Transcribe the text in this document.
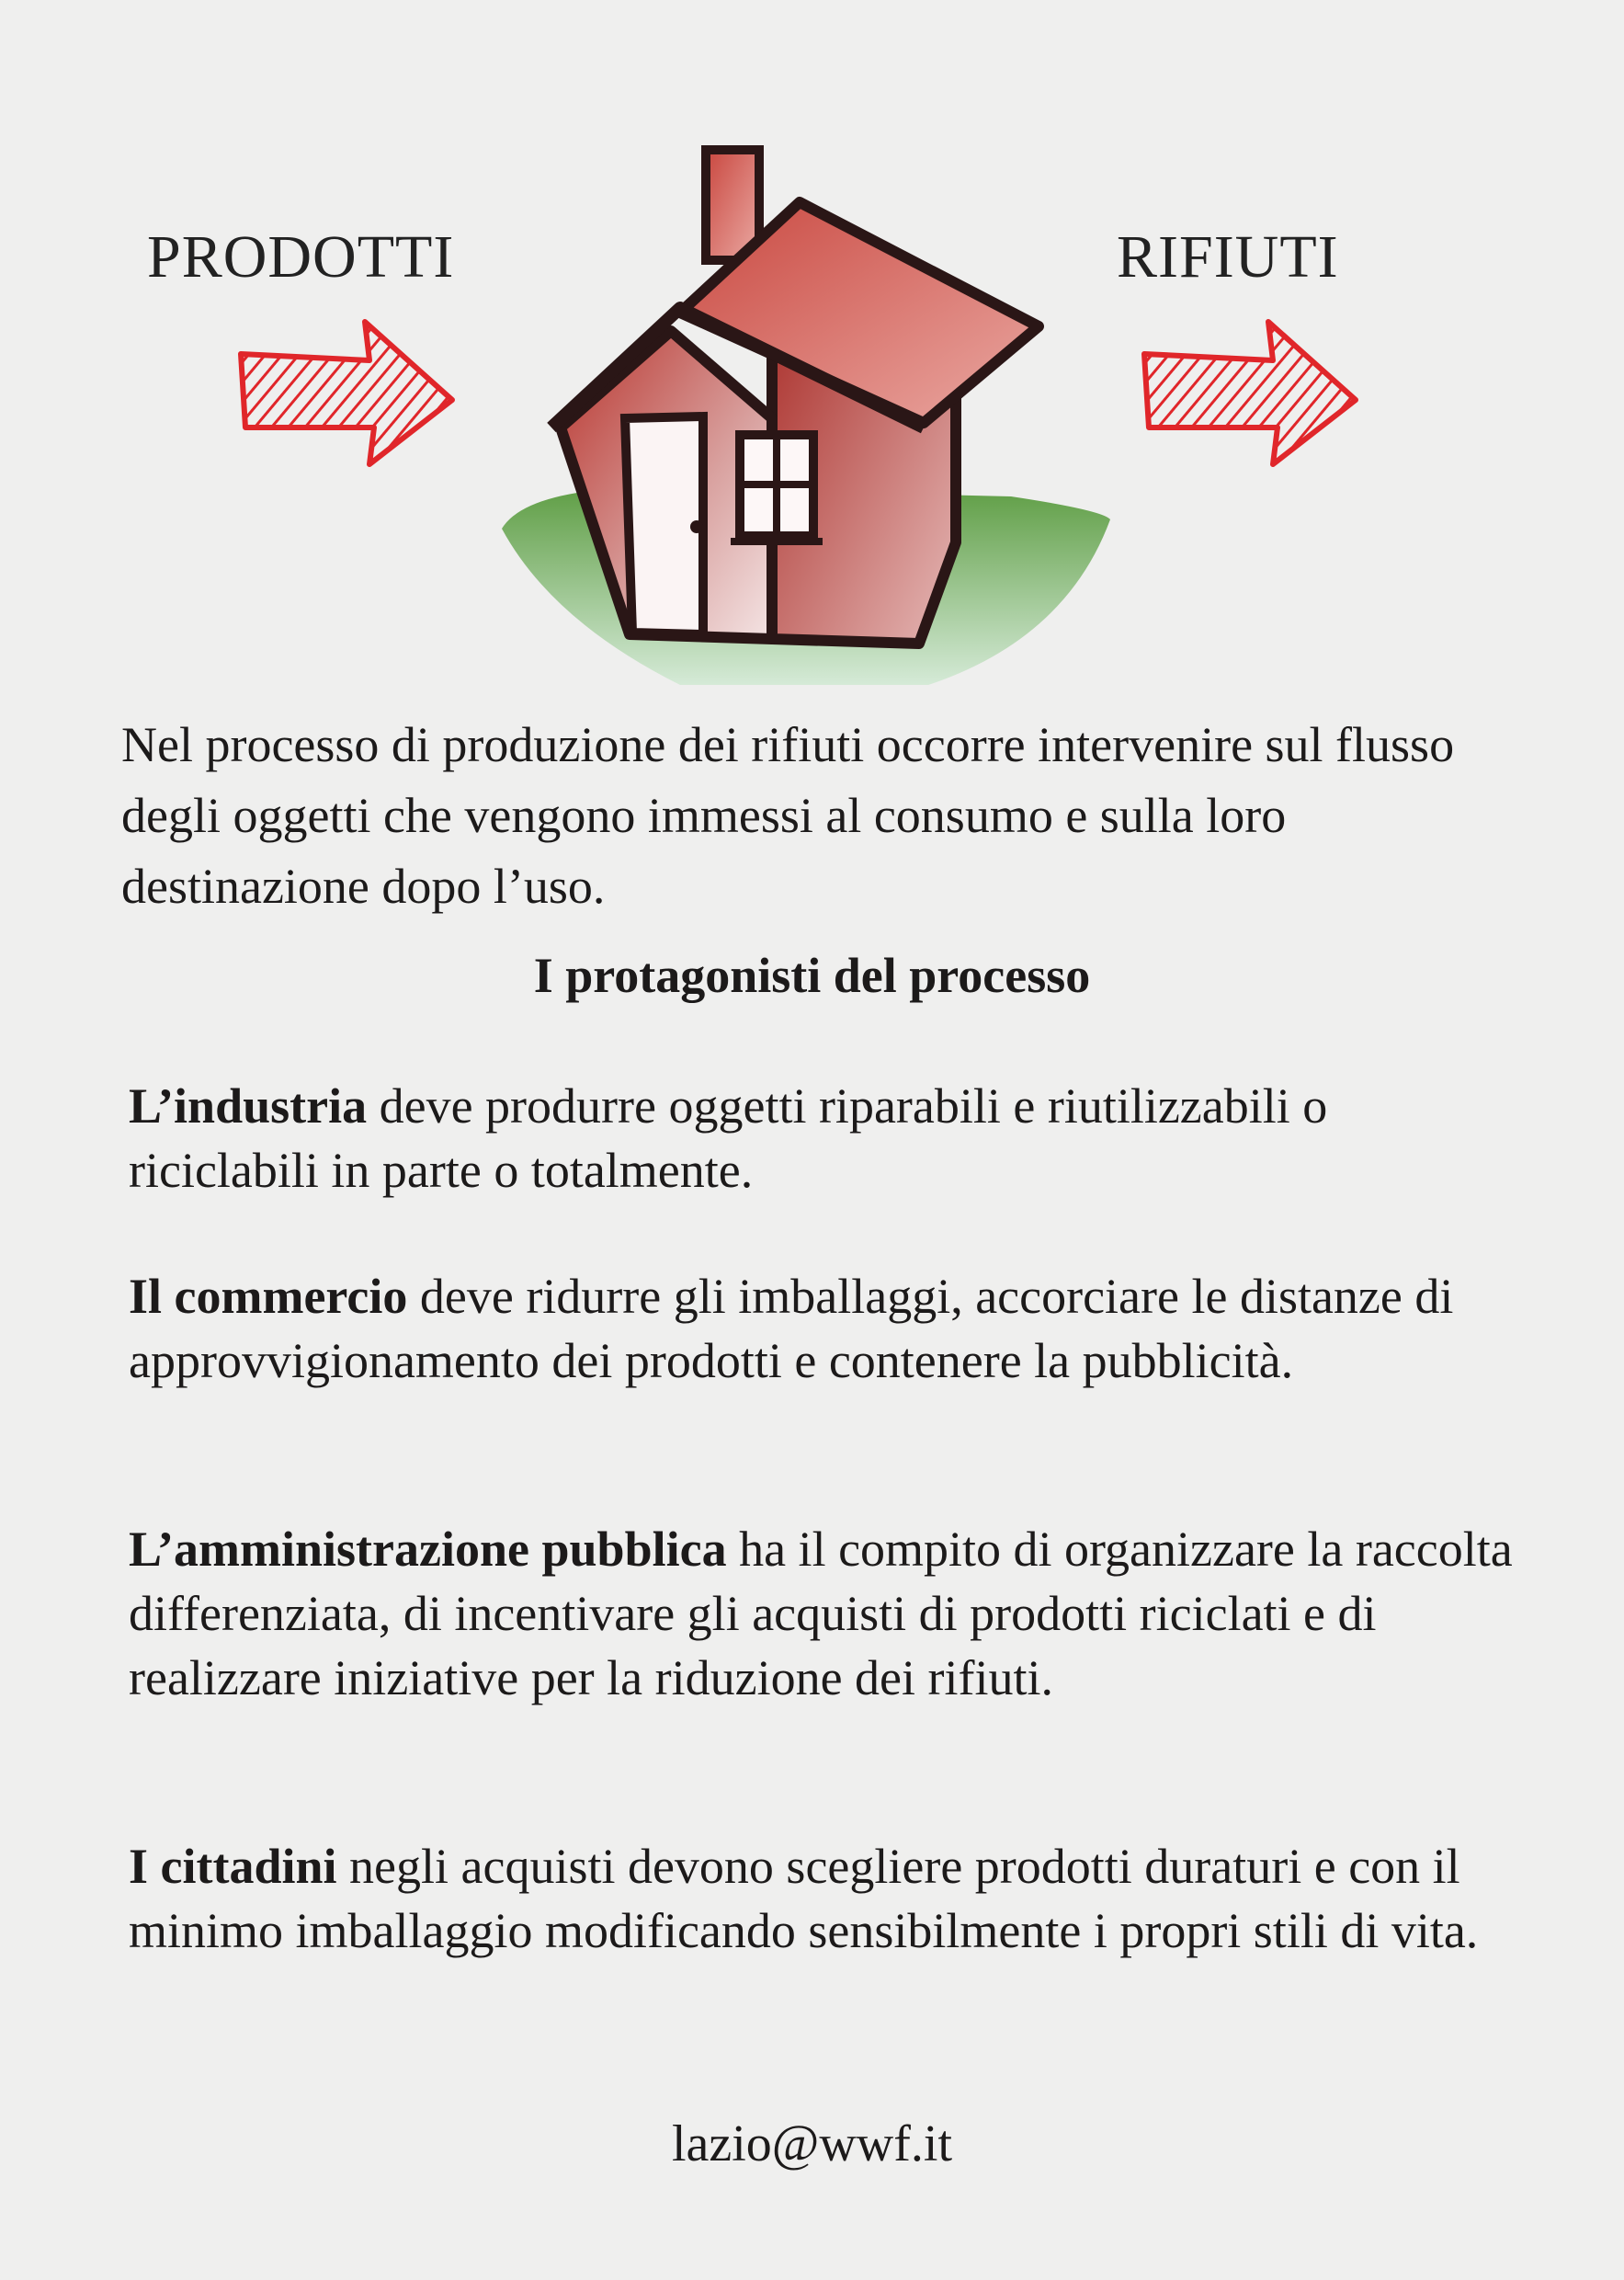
PRODOTTI	RIFIUTI

Nel processo di produzione dei rifiuti occorre intervenire sul flusso degli oggetti che vengono immessi al consumo e sulla loro destinazione dopo l’uso.

I protagonisti del processo

L’industria deve produrre oggetti riparabili e riutilizzabili o riciclabili in parte o totalmente.

Il commercio deve ridurre gli imballaggi, accorciare le distanze di approvvigionamento dei prodotti e contenere la pubblicità.

L’amministrazione pubblica ha il compito di organizzare la raccolta differenziata, di incentivare gli acquisti di prodotti riciclati e di realizzare iniziative per la riduzione dei rifiuti.

I cittadini negli acquisti devono scegliere prodotti duraturi e con il minimo imballaggio modificando sensibilmente i propri stili di vita.

lazio@wwf.it
